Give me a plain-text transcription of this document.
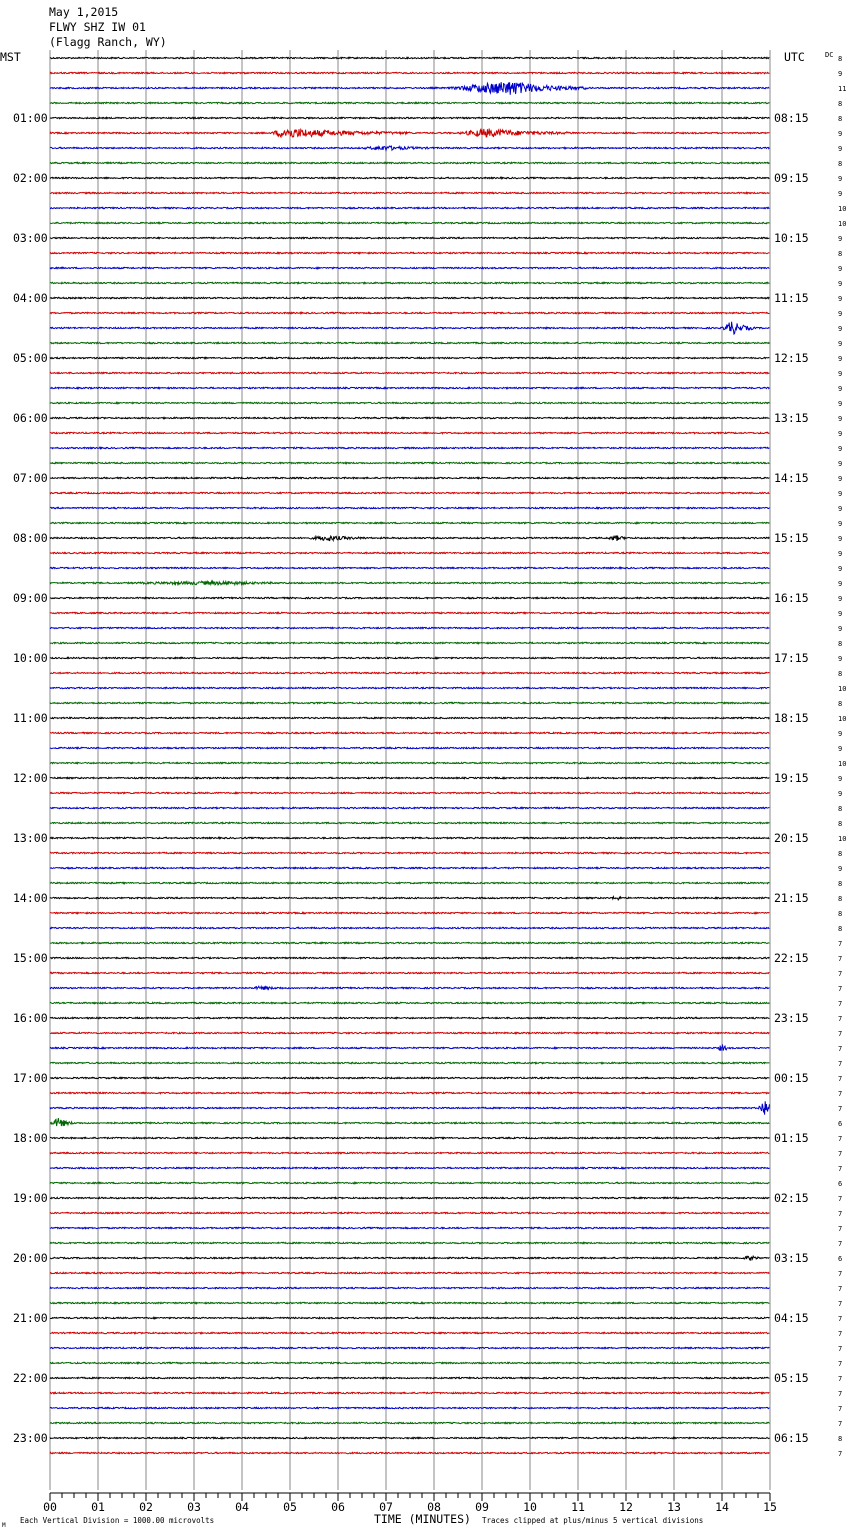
8
9
11
8
8
9
9
8
9
9
10
10
9
8
9
9
9
9
9
9
9
9
9
9
9
9
9
9
9
9
9
9
9
9
9
9
9
9
9
8
9
8
10
8
10
9
9
10
9
9
8
8
10
8
9
8
8
8
8
7
7
7
7
7
7
7
7
7
7
7
7
6
7
7
7
6
7
7
7
7
6
7
7
7
7
7
7
7
7
7
7
7
8
7
01:00	08:15
02:00	09:15
03:00	10:15
04:00	11:15
05:00	12:15
06:00	13:15
07:00	14:15
08:00	15:15
09:00	16:15
10:00	17:15
11:00	18:15
12:00	19:15
13:00	20:15
14:00	21:15
15:00	22:15
16:00	23:15
17:00	00:15
18:00	01:15
19:00	02:15
20:00	03:15
21:00	04:15
22:00	05:15
23:00	06:15
00	01	02	03	04	05	06	07	08	09	10	11	12	13	14	15
May 1,2015
FLWY SHZ IW 01
(Flagg Ranch, WY)
MST	UTC	DC
TIME (MINUTES)
Each Vertical Division = 1000.00 microvolts	Traces clipped at plus/minus 5 vertical divisions
M
